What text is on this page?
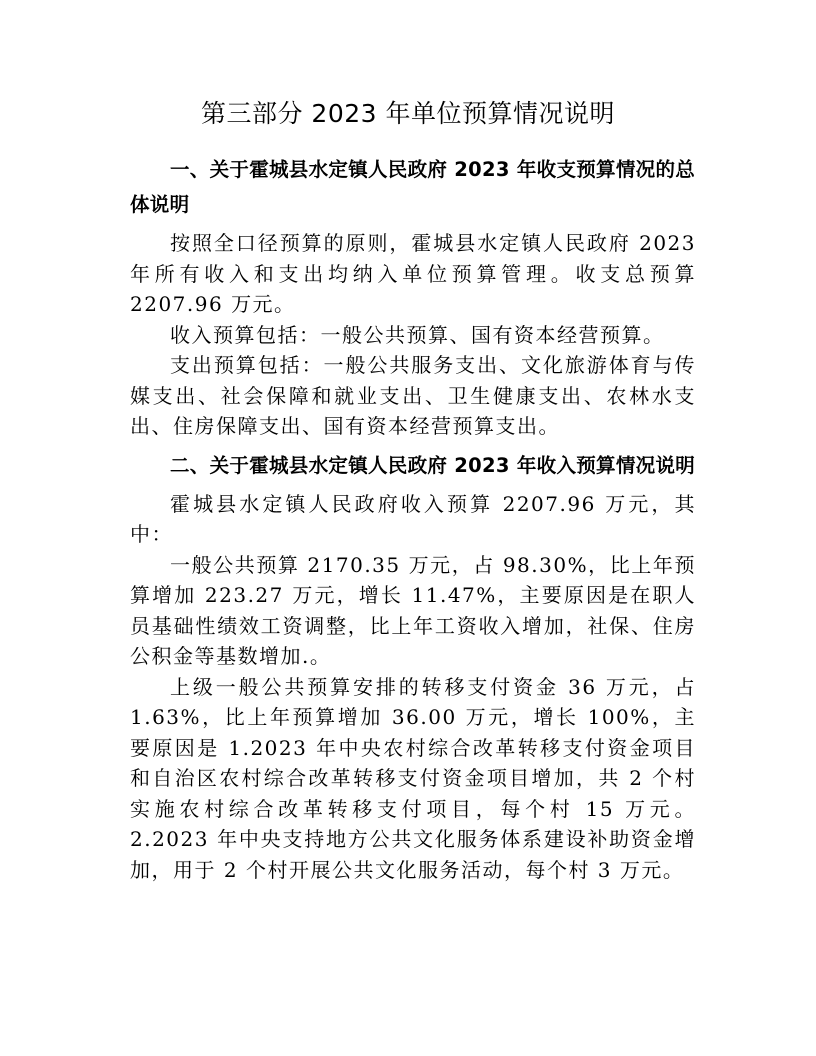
第三部分 2023 年单位预算情况说明
一、关于霍城县水定镇人民政府 2023 年收支预算情况的总体说明

按照全口径预算的原则，霍城县水定镇人民政府 2023 年所有收入和支出均纳入单位预算管理。收支总预算 2207.96 万元。

收入预算包括：一般公共预算、国有资本经营预算。

支出预算包括：一般公共服务支出、文化旅游体育与传媒支出、社会保障和就业支出、卫生健康支出、农林水支出、住房保障支出、国有资本经营预算支出。

二、关于霍城县水定镇人民政府 2023 年收入预算情况说明

霍城县水定镇人民政府收入预算 2207.96 万元，其中：

一般公共预算 2170.35 万元，占 98.30%，比上年预算增加 223.27 万元，增长 11.47%，主要原因是在职人员基础性绩效工资调整，比上年工资收入增加，社保、住房公积金等基数增加.。

上级一般公共预算安排的转移支付资金 36 万元，占 1.63%，比上年预算增加 36.00 万元，增长 100%，主要原因是 1.2023 年中央农村综合改革转移支付资金项目和自治区农村综合改革转移支付资金项目增加，共 2 个村实施农村综合改革转移支付项目，每个村 15 万元。2.2023 年中央支持地方公共文化服务体系建设补助资金增加，用于 2 个村开展公共文化服务活动，每个村 3 万元。
